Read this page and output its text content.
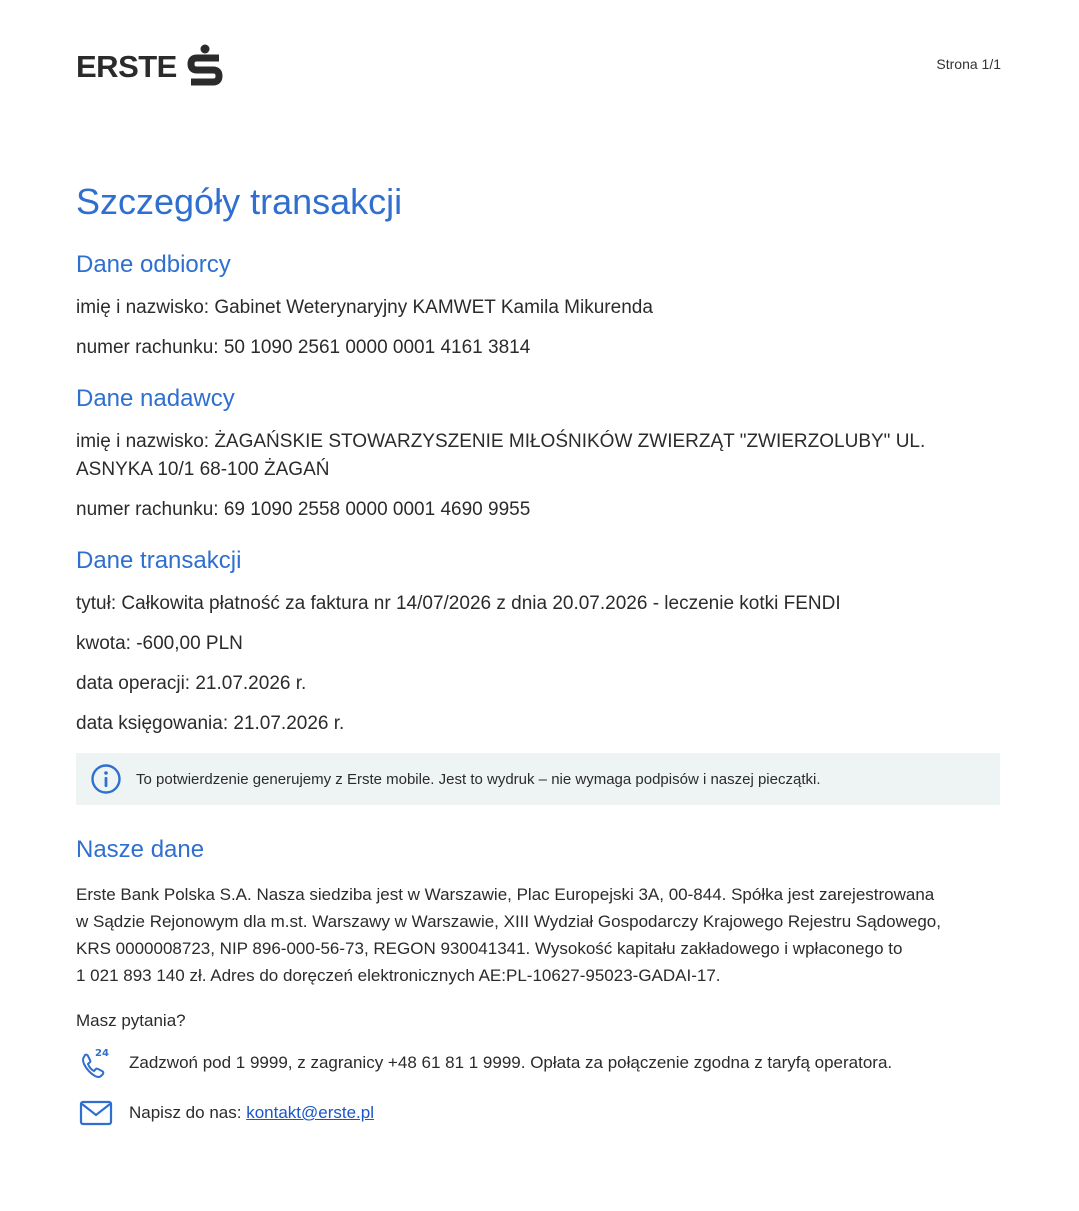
ERSTE	Strona 1/1
Szczegóły transakcji
Dane odbiorcy
imię i nazwisko: Gabinet Weterynaryjny KAMWET Kamila Mikurenda
numer rachunku: 50 1090 2561 0000 0001 4161 3814
Dane nadawcy
imię i nazwisko: ŻAGAŃSKIE STOWARZYSZENIE MIŁOŚNIKÓW ZWIERZĄT "ZWIERZOLUBY" UL.
ASNYKA 10/1 68-100 ŻAGAŃ
numer rachunku: 69 1090 2558 0000 0001 4690 9955
Dane transakcji
tytuł: Całkowita płatność za faktura nr 14/07/2026 z dnia 20.07.2026 - leczenie kotki FENDI
kwota: -600,00 PLN
data operacji: 21.07.2026 r.
data księgowania: 21.07.2026 r.
To potwierdzenie generujemy z Erste mobile. Jest to wydruk – nie wymaga podpisów i naszej pieczątki.
Nasze dane
Erste Bank Polska S.A. Nasza siedziba jest w Warszawie, Plac Europejski 3A, 00-844. Spółka jest zarejestrowana
w Sądzie Rejonowym dla m.st. Warszawy w Warszawie, XIII Wydział Gospodarczy Krajowego Rejestru Sądowego,
KRS 0000008723, NIP 896-000-56-73, REGON 930041341. Wysokość kapitału zakładowego i wpłaconego to
1 021 893 140 zł. Adres do doręczeń elektronicznych AE:PL-10627-95023-GADAI-17.
Masz pytania?
24 Zadzwoń pod 1 9999, z zagranicy +48 61 81 1 9999. Opłata za połączenie zgodna z taryfą operatora.
Napisz do nas:
kontakt@erste.pl
